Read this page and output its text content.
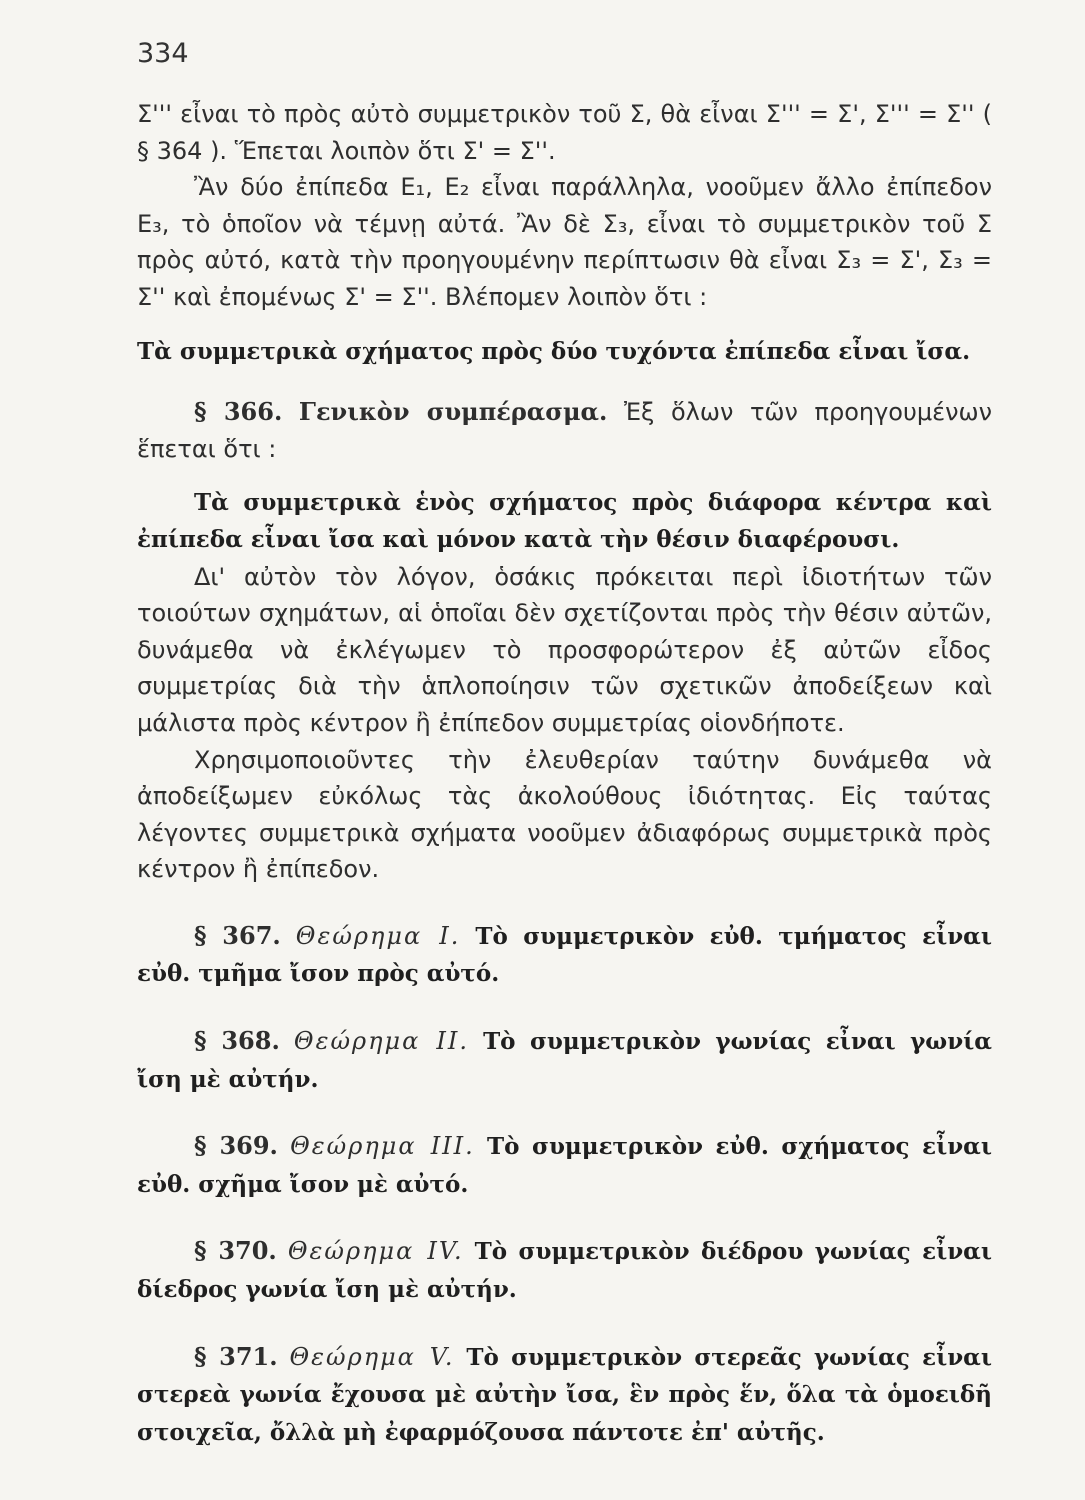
334

Σ''' εἶναι τὸ πρὸς αὐτὸ συμμετρικὸν τοῦ Σ, θὰ εἶναι Σ''' = Σ', Σ''' = Σ'' ( § 364 ). Ἕπεται λοιπὸν ὅτι Σ' = Σ''.

Ἂν δύο ἐπίπεδα E₁, E₂ εἶναι παράλληλα, νοοῦμεν ἄλλο ἐπίπεδον E₃, τὸ ὁποῖον νὰ τέμνῃ αὐτά. Ἂν δὲ Σ₃, εἶναι τὸ συμμετρικὸν τοῦ Σ πρὸς αὐτό, κατὰ τὴν προηγουμένην περίπτωσιν θὰ εἶναι Σ₃ = Σ', Σ₃ = Σ'' καὶ ἐπομένως Σ' = Σ''. Βλέπομεν λοιπὸν ὅτι :

Τὰ συμμετρικὰ σχήματος πρὸς δύο τυχόντα ἐπίπεδα εἶναι ἴσα.

§ 366. Γενικὸν συμπέρασμα. Ἐξ ὅλων τῶν προηγουμένων ἕπεται ὅτι :

Τὰ συμμετρικὰ ἑνὸς σχήματος πρὸς διάφορα κέντρα καὶ ἐπίπεδα εἶναι ἴσα καὶ μόνον κατὰ τὴν θέσιν διαφέρουσι.

Δι' αὐτὸν τὸν λόγον, ὁσάκις πρόκειται περὶ ἰδιοτήτων τῶν τοιούτων σχημάτων, αἱ ὁποῖαι δὲν σχετίζονται πρὸς τὴν θέσιν αὐτῶν, δυνάμεθα νὰ ἐκλέγωμεν τὸ προσφορώτερον ἐξ αὐτῶν εἶδος συμμετρίας διὰ τὴν ἁπλοποίησιν τῶν σχετικῶν ἀποδείξεων καὶ μάλιστα πρὸς κέντρον ἢ ἐπίπεδον συμμετρίας οἱονδήποτε.

Χρησιμοποιοῦντες τὴν ἐλευθερίαν ταύτην δυνάμεθα νὰ ἀποδείξωμεν εὐκόλως τὰς ἀκολούθους ἰδιότητας. Εἰς ταύτας λέγοντες συμμετρικὰ σχήματα νοοῦμεν ἀδιαφόρως συμμετρικὰ πρὸς κέντρον ἢ ἐπίπεδον.

§ 367. Θεώρημα I. Τὸ συμμετρικὸν εὐθ. τμήματος εἶναι εὐθ. τμῆμα ἴσον πρὸς αὐτό.

§ 368. Θεώρημα II. Τὸ συμμετρικὸν γωνίας εἶναι γωνία ἴση μὲ αὐτήν.

§ 369. Θεώρημα III. Τὸ συμμετρικὸν εὐθ. σχήματος εἶναι εὐθ. σχῆμα ἴσον μὲ αὐτό.

§ 370. Θεώρημα IV. Τὸ συμμετρικὸν διέδρου γωνίας εἶναι δίεδρος γωνία ἴση μὲ αὐτήν.

§ 371. Θεώρημα V. Τὸ συμμετρικὸν στερεᾶς γωνίας εἶναι στερεὰ γωνία ἔχουσα μὲ αὐτὴν ἴσα, ἓν πρὸς ἕν, ὅλα τὰ ὁμοειδῆ στοιχεῖα, ὄλλὰ μὴ ἐφαρμόζουσα πάντοτε ἐπ' αὐτῆς.
